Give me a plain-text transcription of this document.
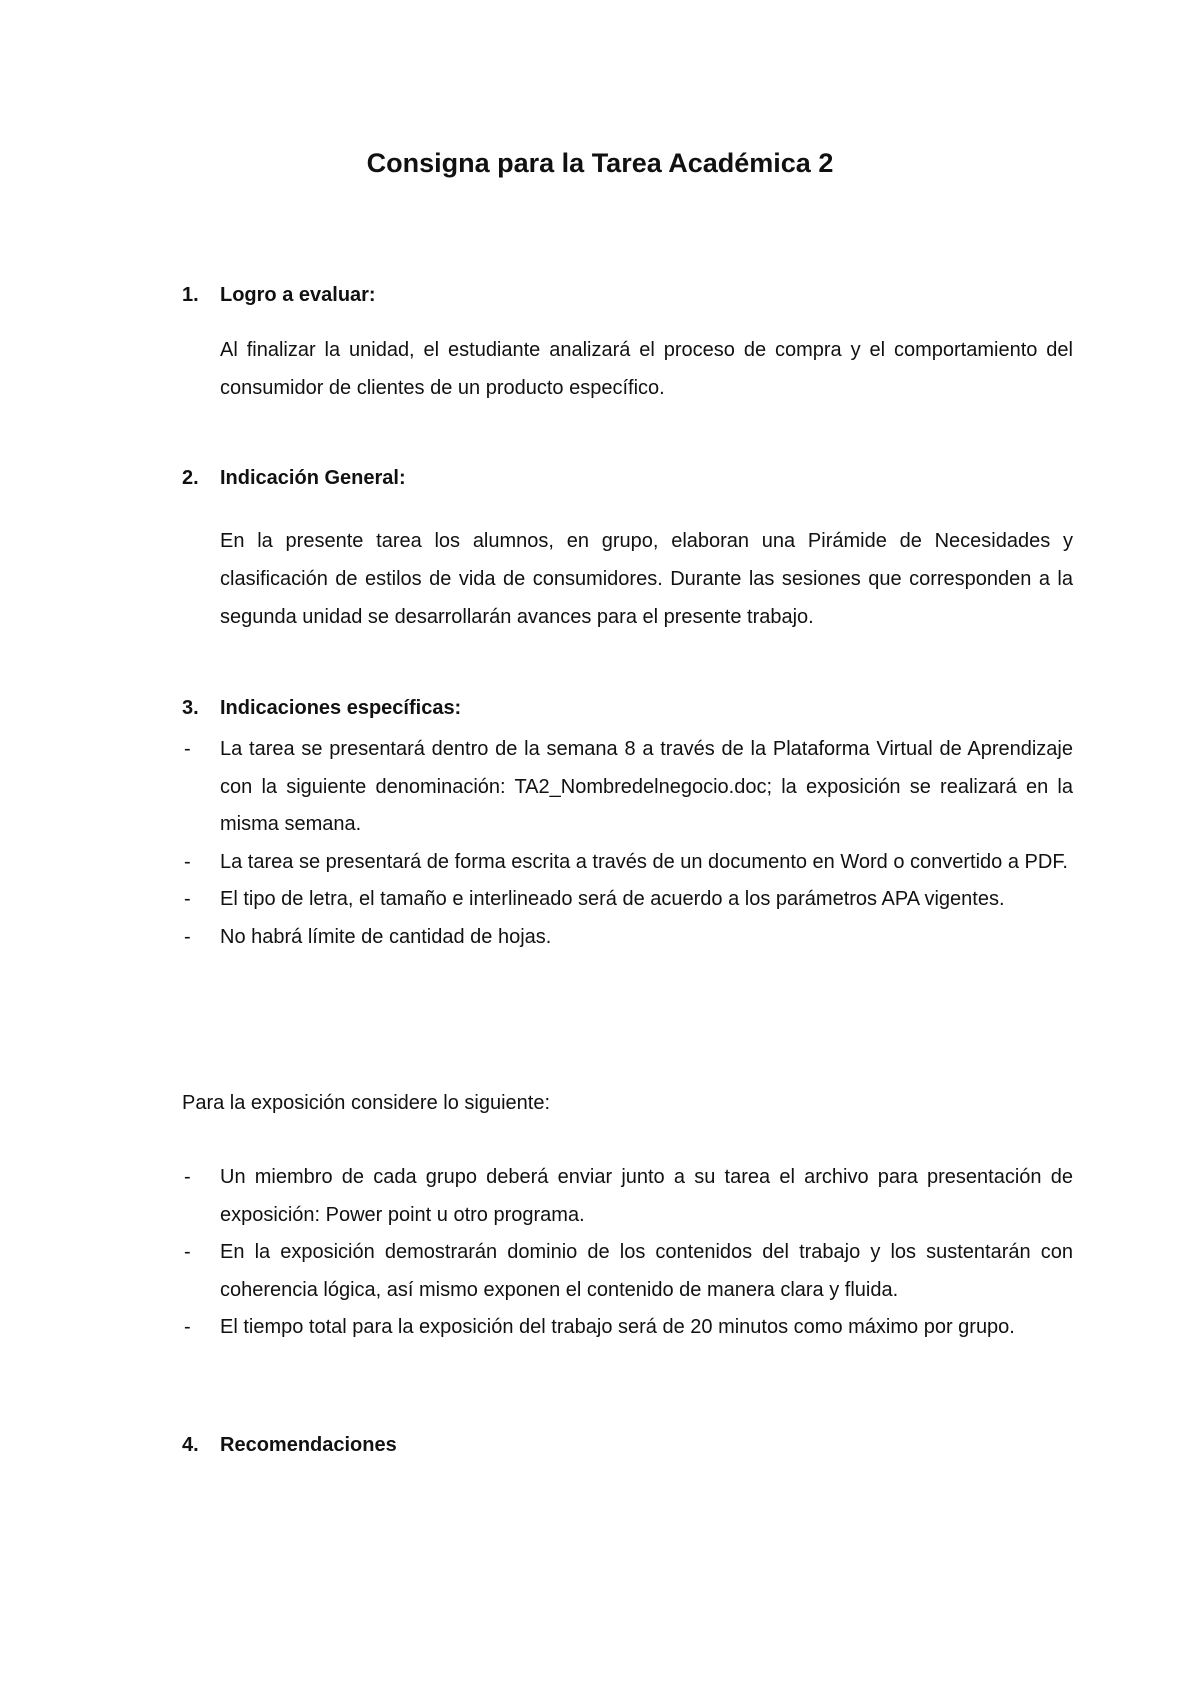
Consigna para la Tarea Académica 2
1. Logro a evaluar:

Al finalizar la unidad, el estudiante analizará el proceso de compra y el comportamiento del consumidor de clientes de un producto específico.

2. Indicación General:

En la presente tarea los alumnos, en grupo, elaboran una Pirámide de Necesidades y clasificación de estilos de vida de consumidores. Durante las sesiones que corresponden a la segunda unidad se desarrollarán avances para el presente trabajo.

3. Indicaciones específicas:
- La tarea se presentará dentro de la semana 8 a través de la Plataforma Virtual de Aprendizaje con la siguiente denominación: TA2_Nombredelnegocio.doc; la exposición se realizará en la misma semana.
- La tarea se presentará de forma escrita a través de un documento en Word o convertido a PDF.
- El tipo de letra, el tamaño e interlineado será de acuerdo a los parámetros APA vigentes.
- No habrá límite de cantidad de hojas.

Para la exposición considere lo siguiente:

- Un miembro de cada grupo deberá enviar junto a su tarea el archivo para presentación de exposición: Power point u otro programa.
- En la exposición demostrarán dominio de los contenidos del trabajo y los sustentarán con coherencia lógica, así mismo exponen el contenido de manera clara y fluida.
- El tiempo total para la exposición del trabajo será de 20 minutos como máximo por grupo.
4. Recomendaciones
